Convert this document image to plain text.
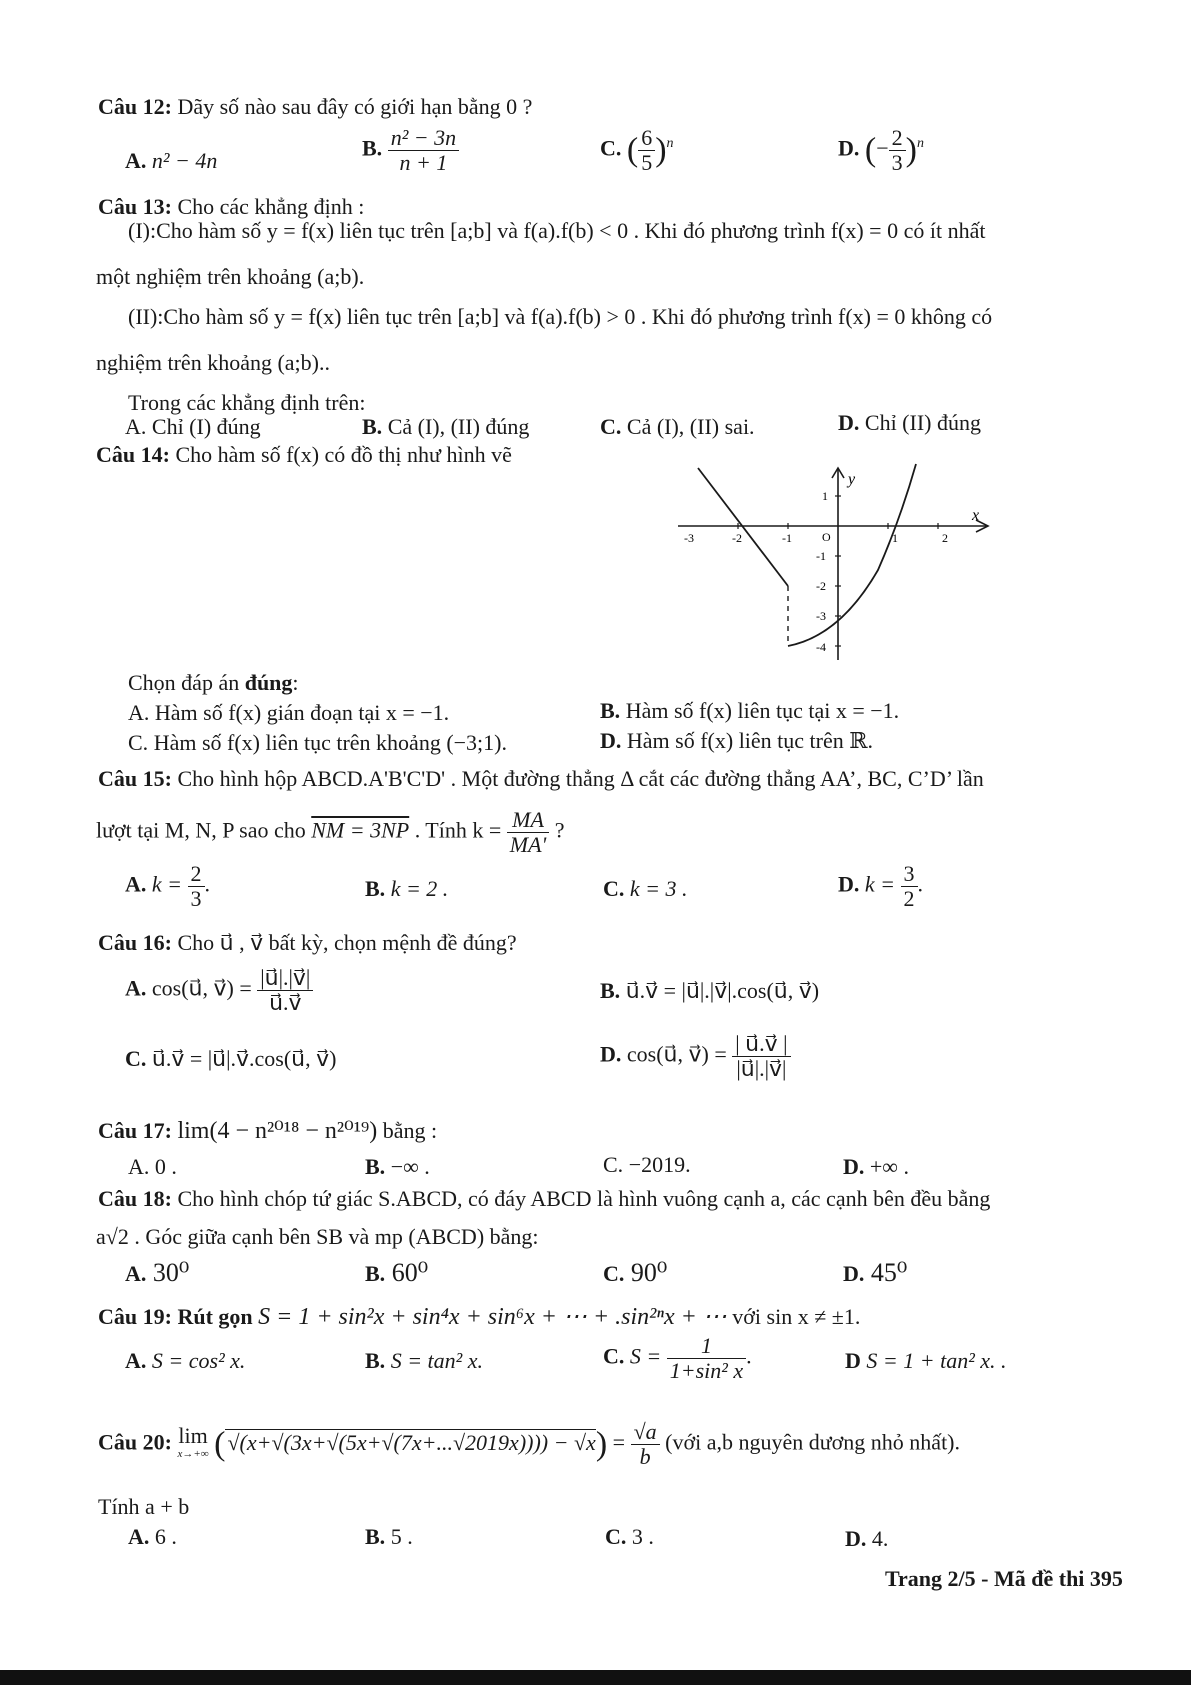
Câu 12: Dãy số nào sau đây có giới hạn bằng 0 ?
A. n² − 4n	B. $\frac{\text{n² − 3n}}{n + 1}$	C. ( $\frac{6}{5} )^n$	D. (− $\frac{2}{3} )^n$
Câu 13: Cho các khẳng định :
(I):Cho hàm số y = f(x) liên tục trên [a;b] và f(a).f(b) < 0 . Khi đó phương trình f(x) = 0 có ít nhất
một nghiệm trên khoảng (a;b).
(II):Cho hàm số y = f(x) liên tục trên [a;b] và f(a).f(b) > 0 . Khi đó phương trình f(x) = 0 không có
nghiệm trên khoảng (a;b)..
Trong các khẳng định trên:
A. Chỉ (I) đúng	B. Cả (I), (II) đúng	C. Cả (I), (II) sai.	D. Chỉ (II) đúng
Câu 14: Cho hàm số f(x) có đồ thị như hình vẽ
x
y
O
-3	-2	-1	1	2
1
-1
-2
-3
-4
Chọn đáp án đúng:
A. Hàm số f(x) gián đoạn tại x = −1.	B. Hàm số f(x) liên tục tại x = −1.
C. Hàm số f(x) liên tục trên khoảng (−3;1).	D. Hàm số f(x) liên tục trên ℝ.
Câu 15: Cho hình hộp ABCD.A'B'C'D' . Một đường thẳng Δ cắt các đường thẳng AA’, BC, C’D’ lần
lượt tại M, N, P sao cho NM = 3NP . Tính $k = \frac{MA}{MA'}$ ?
A. $k = \frac{2}{3}$ .	B. k = 2 .	C. k = 3 .	D. $k = \frac{3}{2}$ .
Câu 16: Cho u⃗ , v⃗ bất kỳ, chọn mệnh đề đúng?
A. cos(u⃗, v⃗) = $\frac{|u⃗|.|v⃗|}{u⃗.v⃗}$	B. u⃗.v⃗ = |u⃗|.|v⃗|.cos(u⃗, v⃗)
C. u⃗.v⃗ = |u⃗|.v⃗.cos(u⃗, v⃗)	D. cos(u⃗, v⃗) = $\frac{| u⃗.v⃗ |}{|u⃗|.|v⃗|}$
Câu 17: lim(4 − n²⁰¹⁸ − n²⁰¹⁹) bằng :
A. 0 .	B. −∞ .	C. −2019.	D. +∞ .
Câu 18: Cho hình chóp tứ giác S.ABCD, có đáy ABCD là hình vuông cạnh a, các cạnh bên đều bằng
a√2 . Góc giữa cạnh bên SB và mp (ABCD) bằng:
A. 30⁰	B. 60⁰	C. 90⁰	D. 45⁰
Câu 19: Rút gọn S = 1 + sin²x + sin⁴x + sin⁶x + ⋯ + .sin²ⁿx + ⋯ với sin x ≠ ±1.
A. S = cos² x.	B. S = tan² x.	C. $S = \frac{1}{\text{1+sin² x}}$ .	D S = 1 + tan² x. .
Câu 20: lim
x→+∞ $(√(x+√(3x+√(5x+√(7x+...√2019x)))) - √x) = \frac{√a}{b}$ (với a,b nguyên dương nhỏ nhất).
Tính a + b
A. 6 .	B. 5 .	C. 3 .	D. 4.
Trang 2/5 - Mã đề thi 395
